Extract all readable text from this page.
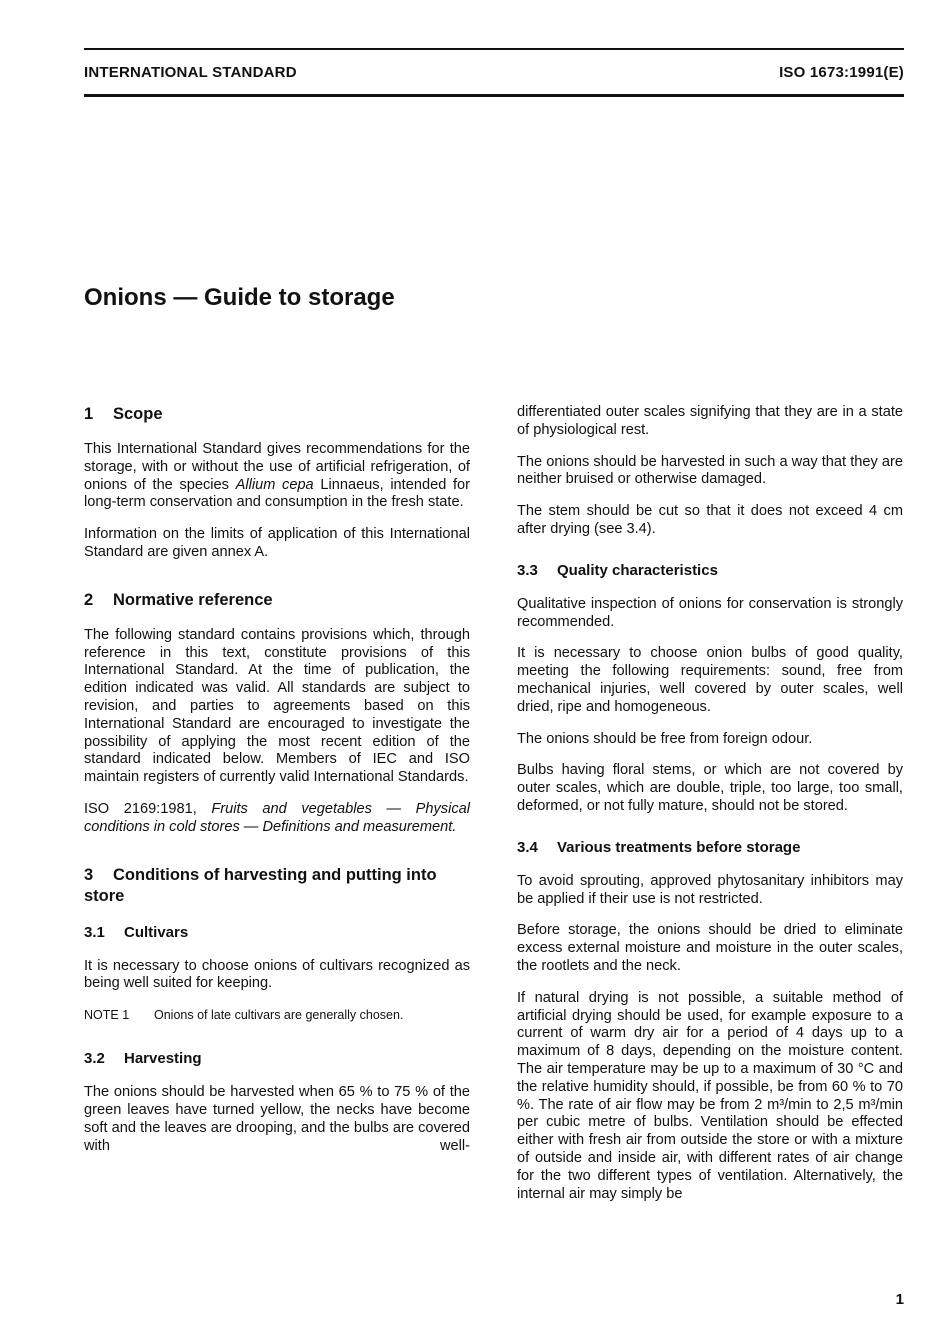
INTERNATIONAL STANDARD	ISO 1673:1991(E)
Onions — Guide to storage
1 Scope

This International Standard gives recommendations for the storage, with or without the use of artificial refrigeration, of onions of the species Allium cepa Linnaeus, intended for long-term conservation and consumption in the fresh state.

Information on the limits of application of this International Standard are given annex A.

2 Normative reference

The following standard contains provisions which, through reference in this text, constitute provisions of this International Standard. At the time of publication, the edition indicated was valid. All standards are subject to revision, and parties to agreements based on this International Standard are encouraged to investigate the possibility of applying the most recent edition of the standard indicated below. Members of IEC and ISO maintain registers of currently valid International Standards.

ISO 2169:1981, Fruits and vegetables — Physical conditions in cold stores — Definitions and measurement.

3 Conditions of harvesting and putting into store
3.1 Cultivars

It is necessary to choose onions of cultivars recognized as being well suited for keeping.

NOTE 1 Onions of late cultivars are generally chosen.
3.2 Harvesting

The onions should be harvested when 65 % to 75 % of the green leaves have turned yellow, the necks have become soft and the leaves are drooping, and the bulbs are covered with well-

differentiated outer scales signifying that they are in a state of physiological rest.

The onions should be harvested in such a way that they are neither bruised or otherwise damaged.

The stem should be cut so that it does not exceed 4 cm after drying (see 3.4).

3.3 Quality characteristics

Qualitative inspection of onions for conservation is strongly recommended.

It is necessary to choose onion bulbs of good quality, meeting the following requirements: sound, free from mechanical injuries, well covered by outer scales, well dried, ripe and homogeneous.

The onions should be free from foreign odour.

Bulbs having floral stems, or which are not covered by outer scales, which are double, triple, too large, too small, deformed, or not fully mature, should not be stored.

3.4 Various treatments before storage

To avoid sprouting, approved phytosanitary inhibitors may be applied if their use is not restricted.

Before storage, the onions should be dried to eliminate excess external moisture and moisture in the outer scales, the rootlets and the neck.

If natural drying is not possible, a suitable method of artificial drying should be used, for example exposure to a current of warm dry air for a period of 4 days up to a maximum of 8 days, depending on the moisture content. The air temperature may be up to a maximum of 30 °C and the relative humidity should, if possible, be from 60 % to 70 %. The rate of air flow may be from 2 m³/min to 2,5 m³/min per cubic metre of bulbs. Ventilation should be effected either with fresh air from outside the store or with a mixture of outside and inside air, with different rates of air change for the two different types of ventilation. Alternatively, the internal air may simply be

1
